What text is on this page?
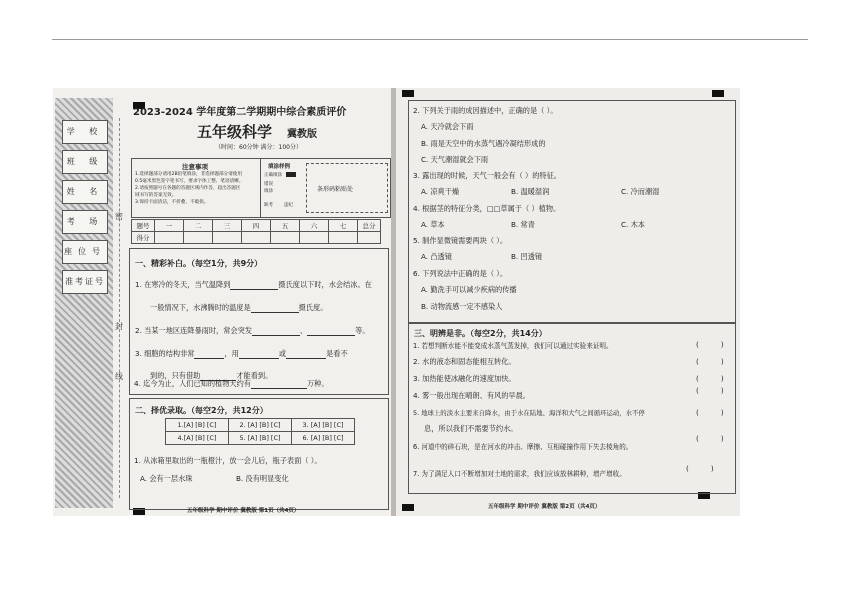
学 校
班 级
姓 名
考 场
座位号
准考证号
密
封
线
2023-2024 学年度第二学期期中综合素质评价
五年级科学 冀教版
（时间：60分钟 满分：100分）
注意事项
1.选择题部分请用2B铅笔填涂，非选择题部分请使用
0.5毫米黑色签字笔书写，要求字体工整、笔迹清晰。
2.请按照题号在各题的答题区域内作答，超出答题区
域书写的答案无效。
3.保持卡面清洁，不折叠、不破损。
填涂样例
正确填涂
错误
填涂
缺考 违纪
条形码粘贴处
题号	一	二	三	四	五	六	七	总分
得分								
一、精彩补白。（每空1分，共9分）
1. 在寒冷的冬天，当气温降到	摄氏度以下时，水会结冰。在
一般情况下，水沸腾时的温度是	摄氏度。
2. 当某一地区连降暴雨时，常会突发	、	等。
3. 细胞的结构非常	，用	或	是看不
到的，只有借助	才能看到。
4. 迄今为止，人们已知的植物大约有	万种。
二、择优录取。（每空2分，共12分）
1.[A] [B] [C]	2. [A] [B] [C]	3. [A] [B] [C]
4.[A] [B] [C]	5. [A] [B] [C]	6. [A] [B] [C]
1. 从冰箱里取出的一瓶橙汁，放一会儿后，瓶子表面（ ）。
A. 会有一层水珠	B. 没有明显变化
五年级科学 期中评价 冀教版 第1页（共4页）
2. 下列关于雨的成因描述中，正确的是（ ）。
A. 天冷就会下雨
B. 雨是天空中的水蒸气遇冷凝结形成的
C. 天气潮湿就会下雨
3. 露出现的时候，天气一般会有（ ）的特征。
A. 凉爽干燥	B. 温暖湿润	C. 冷而潮湿
4. 根据茎的特征分类，□□草属于（ ）植物。
A. 草本	B. 常青	C. 木本
5. 制作显微镜需要两块（ ）。
A. 凸透镜	B. 凹透镜
6. 下列说法中正确的是（ ）。
A. 勤洗手可以减少疾病的传播
B. 动物流感一定不感染人
三、明辨是非。（每空2分，共14分）
1. 若想判断水能不能变成水蒸气蒸发掉，我们可以通过实验来证明。	(	)
2. 水的液态和固态能相互转化。	(	)
3. 加热能使冰融化的速度加快。	(	)
4. 雾一般出现在晴朗、有风的早晨。
(	)
5. 地球上的淡水主要来自降水，由于水在陆地、海洋和大气之间循环运动，水不停
息，所以我们不需要节约水。
(	)
6. 河道中的碎石块，是在河水的冲击、摩擦、互相碰撞作用下失去棱角的。
(	)
7. 为了满足人口不断增加对土地的需求，我们应该放林耕种，增产增收。
(	)
五年级科学 期中评价 冀教版 第2页（共4页）
